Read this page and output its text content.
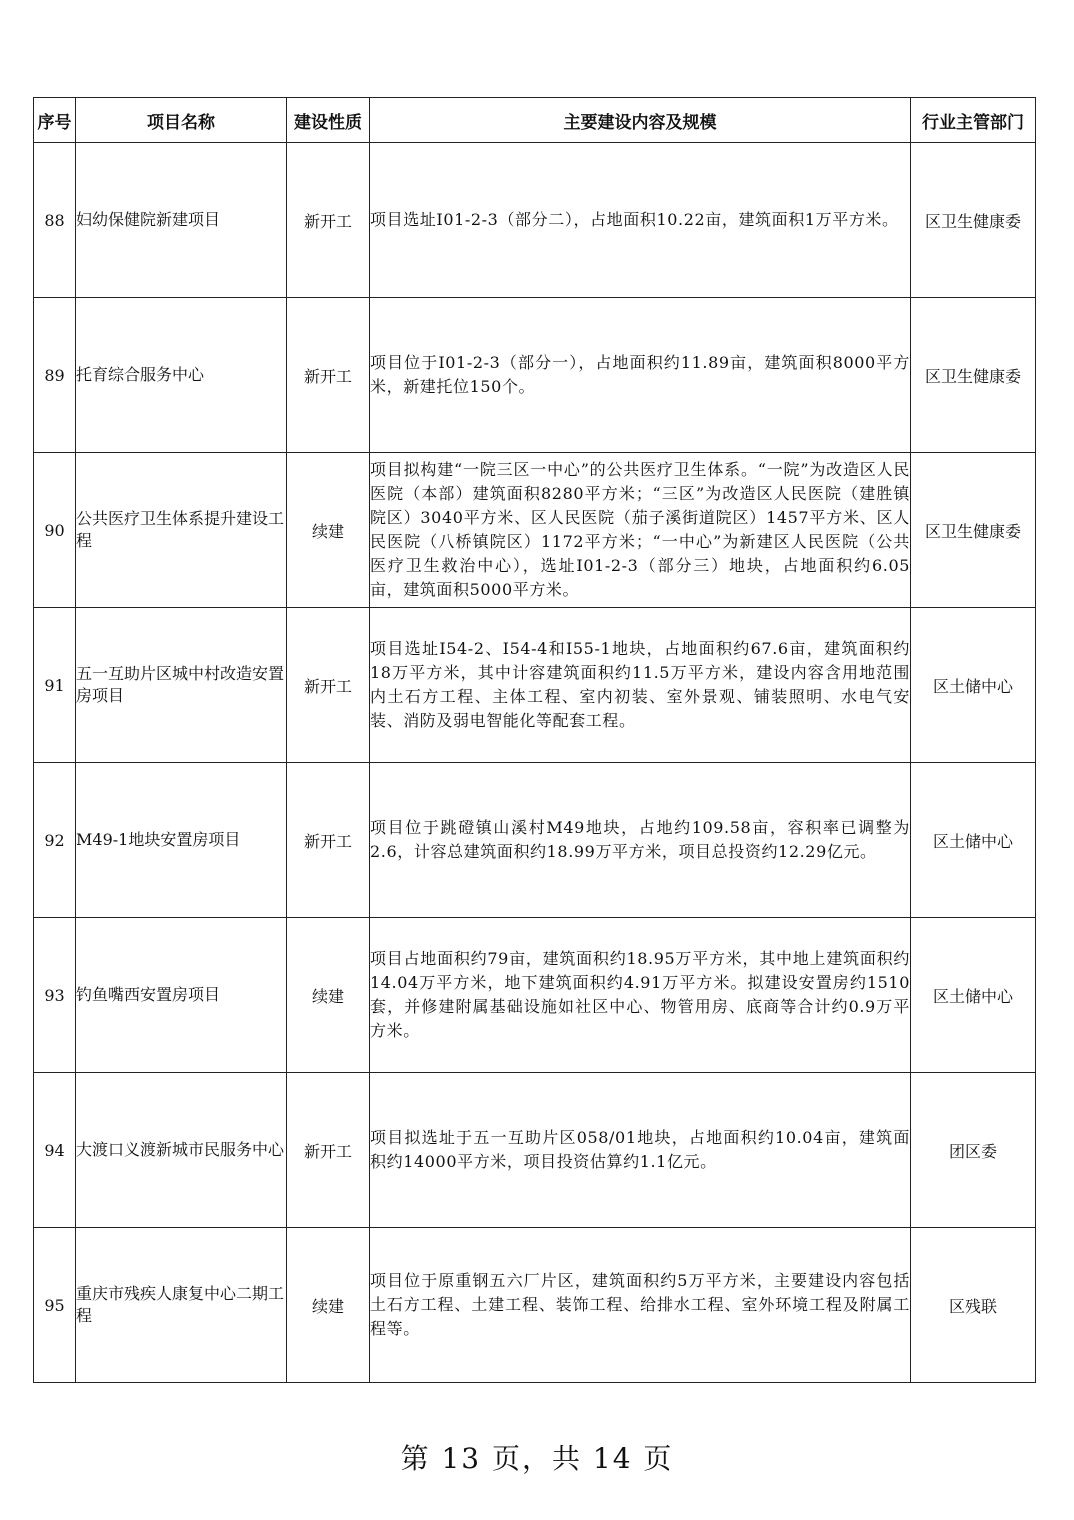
序号	项目名称	建设性质	主要建设内容及规模	行业主管部门
88	妇幼保健院新建项目	新开工	项目选址I01-2-3（部分二），占地面积10.22亩，建筑面积1万平方米。	区卫生健康委
89	托育综合服务中心	新开工	项目位于I01-2-3（部分一），占地面积约11.89亩，建筑面积8000平方米，新建托位150个。	区卫生健康委
90	公共医疗卫生体系提升建设工程	续建	项目拟构建“一院三区一中心”的公共医疗卫生体系。“一院”为改造区人民医院（本部）建筑面积8280平方米；“三区”为改造区人民医院（建胜镇院区）3040平方米、区人民医院（茄子溪街道院区）1457平方米、区人民医院（八桥镇院区）1172平方米；“一中心”为新建区人民医院（公共医疗卫生救治中心），选址I01-2-3（部分三）地块，占地面积约6.05亩，建筑面积5000平方米。	区卫生健康委
91	五一互助片区城中村改造安置房项目	新开工	项目选址I54-2、I54-4和I55-1地块，占地面积约67.6亩，建筑面积约18万平方米，其中计容建筑面积约11.5万平方米，建设内容含用地范围内土石方工程、主体工程、室内初装、室外景观、铺装照明、水电气安装、消防及弱电智能化等配套工程。	区土储中心
92	M49-1地块安置房项目	新开工	项目位于跳磴镇山溪村M49地块，占地约109.58亩，容积率已调整为2.6，计容总建筑面积约18.99万平方米，项目总投资约12.29亿元。	区土储中心
93	钓鱼嘴西安置房项目	续建	项目占地面积约79亩，建筑面积约18.95万平方米，其中地上建筑面积约14.04万平方米，地下建筑面积约4.91万平方米。拟建设安置房约1510套，并修建附属基础设施如社区中心、物管用房、底商等合计约0.9万平方米。	区土储中心
94	大渡口义渡新城市民服务中心	新开工	项目拟选址于五一互助片区058/01地块，占地面积约10.04亩，建筑面积约14000平方米，项目投资估算约1.1亿元。	团区委
95	重庆市残疾人康复中心二期工程	续建	项目位于原重钢五六厂片区，建筑面积约5万平方米，主要建设内容包括土石方工程、土建工程、装饰工程、给排水工程、室外环境工程及附属工程等。	区残联
第 13 页，共 14 页
